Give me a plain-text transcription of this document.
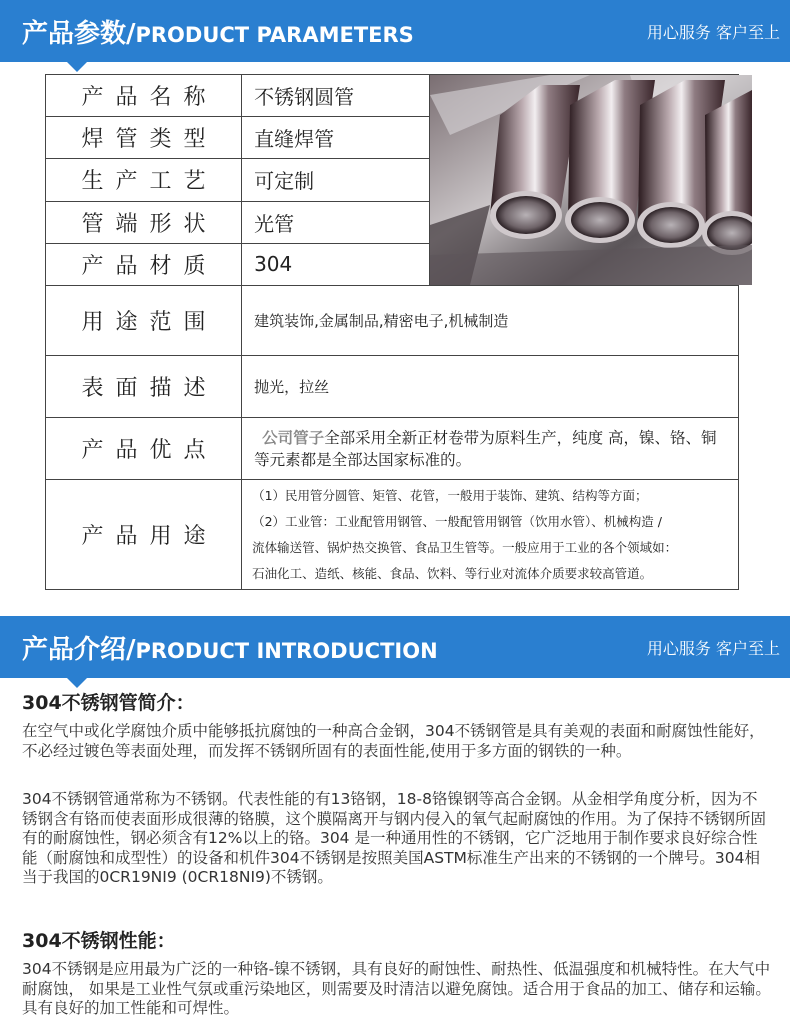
产品参数/PRODUCT PARAMETERS	用心服务 客户至上
产品名称	不锈钢圆管	

焊管类型	直缝焊管	
生产工艺	可定制	
管端形状	光管	
产品材质	304	
用途范围	建筑装饰,金属制品,精密电子,机械制造	
表面描述	抛光，拉丝	
产品优点	公司管子全部采用全新正材卷带为原料生产，纯度 高，镍、铬、铜等元素都是全部达国家标准的。	

产品用途	（1）民用管分圆管、矩管、花管，一般用于装饰、建筑、结构等方面；
（2）工业管：工业配管用钢管、一般配管用钢管（饮用水管）、机械构造 /
流体输送管、锅炉热交换管、食品卫生管等。一般应用于工业的各个领域如：
石油化工、造纸、核能、食品、饮料、等行业对流体介质要求较高管道。	
产品介绍/PRODUCT INTRODUCTION	用心服务 客户至上
304不锈钢管简介：

在空气中或化学腐蚀介质中能够抵抗腐蚀的一种高合金钢，304不锈钢管是具有美观的表面和耐腐蚀性能好，不必经过镀色等表面处理，而发挥不锈钢所固有的表面性能,使用于多方面的钢铁的一种。

304不锈钢管通常称为不锈钢。代表性能的有13铬钢，18-8铬镍钢等高合金钢。从金相学角度分析，因为不锈钢含有铬而使表面形成很薄的铬膜，这个膜隔离开与钢内侵入的氧气起耐腐蚀的作用。为了保持不锈钢所固有的耐腐蚀性，钢必须含有12%以上的铬。304 是一种通用性的不锈钢，它广泛地用于制作要求良好综合性能（耐腐蚀和成型性）的设备和机件304不锈钢是按照美国ASTM标准生产出来的不锈钢的一个牌号。304相当于我国的0CR19NI9 (0CR18NI9)不锈钢。

304不锈钢性能：

304不锈钢是应用最为广泛的一种铬-镍不锈钢，具有良好的耐蚀性、耐热性、低温强度和机械特性。在大气中耐腐蚀， 如果是工业性气氛或重污染地区，则需要及时清洁以避免腐蚀。适合用于食品的加工、储存和运输。 具有良好的加工性能和可焊性。
